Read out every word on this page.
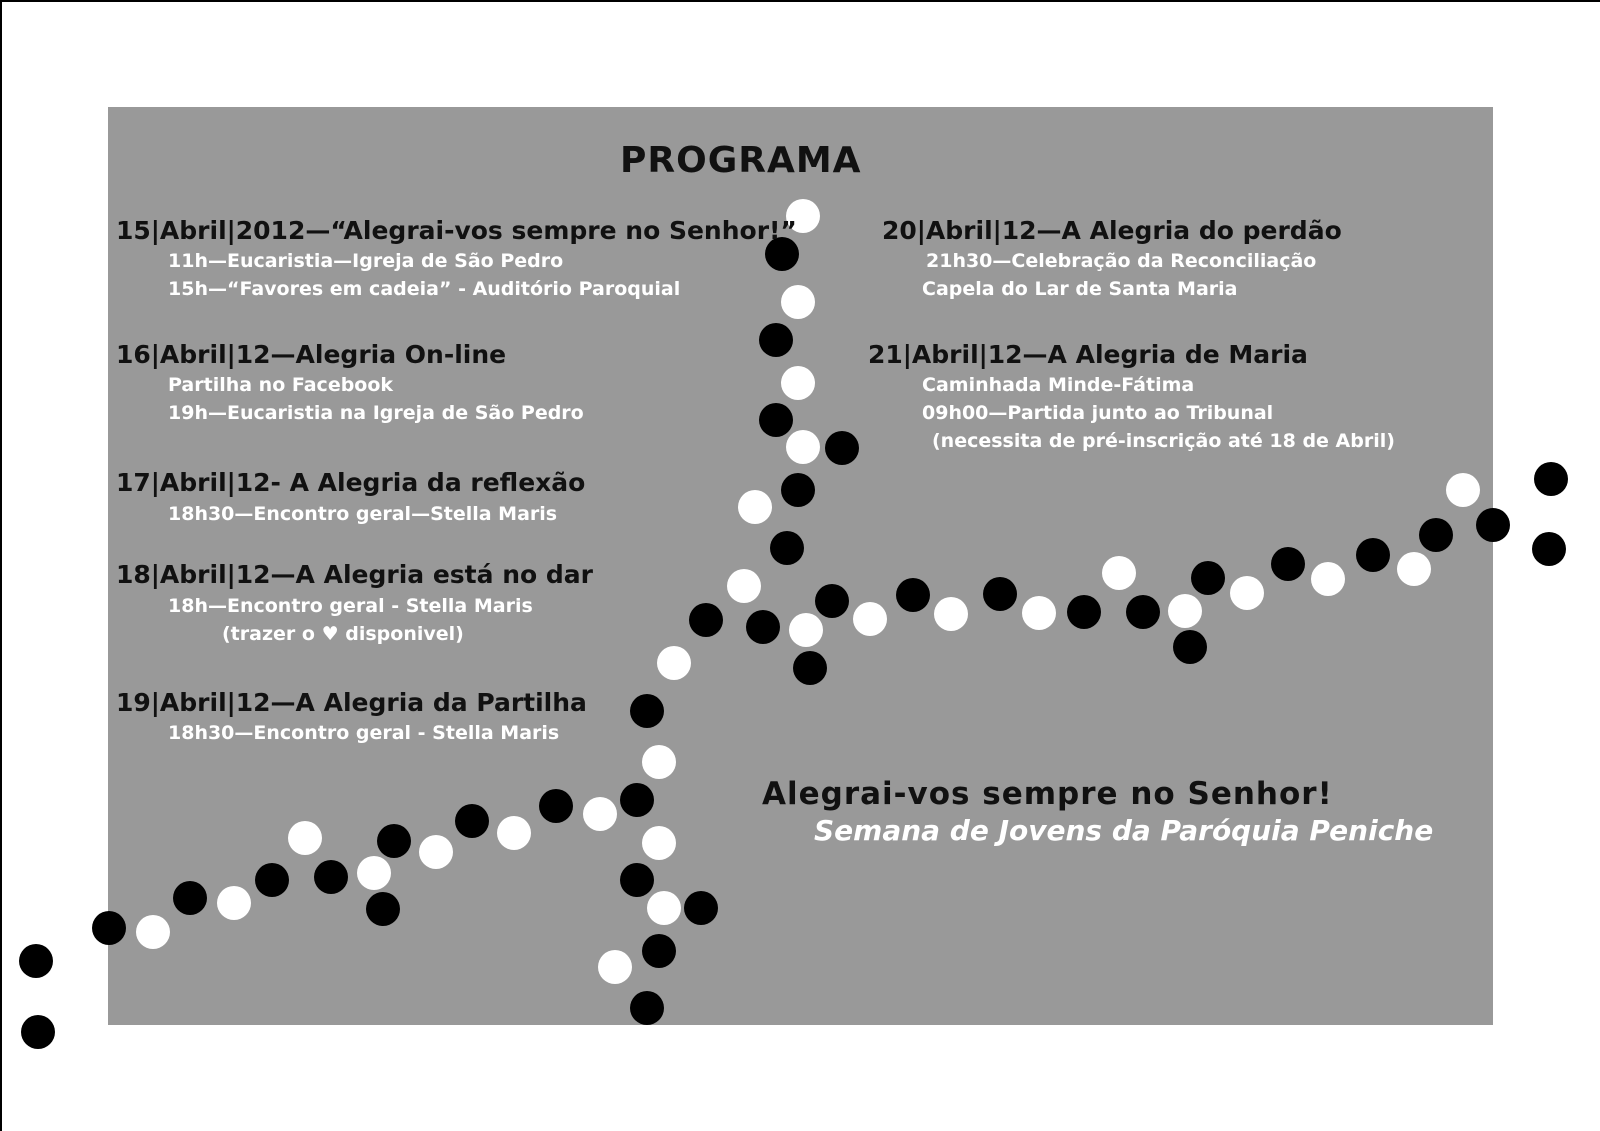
PROGRAMA
15|Abril|2012—“Alegrai-vos sempre no Senhor!”
11h—Eucaristia—Igreja de São Pedro
15h—“Favores em cadeia” - Auditório Paroquial
16|Abril|12—Alegria On-line
Partilha no Facebook
19h—Eucaristia na Igreja de São Pedro
17|Abril|12- A Alegria da reflexão
18h30—Encontro geral—Stella Maris
18|Abril|12—A Alegria está no dar
18h—Encontro geral - Stella Maris
(trazer o ♥ disponivel)
19|Abril|12—A Alegria da Partilha
18h30—Encontro geral - Stella Maris
20|Abril|12—A Alegria do perdão
21h30—Celebração da Reconciliação
Capela do Lar de Santa Maria
21|Abril|12—A Alegria de Maria
Caminhada Minde-Fátima
09h00—Partida junto ao Tribunal
(necessita de pré-inscrição até 18 de Abril)
Alegrai-vos sempre no Senhor!
Semana de Jovens da Paróquia Peniche
